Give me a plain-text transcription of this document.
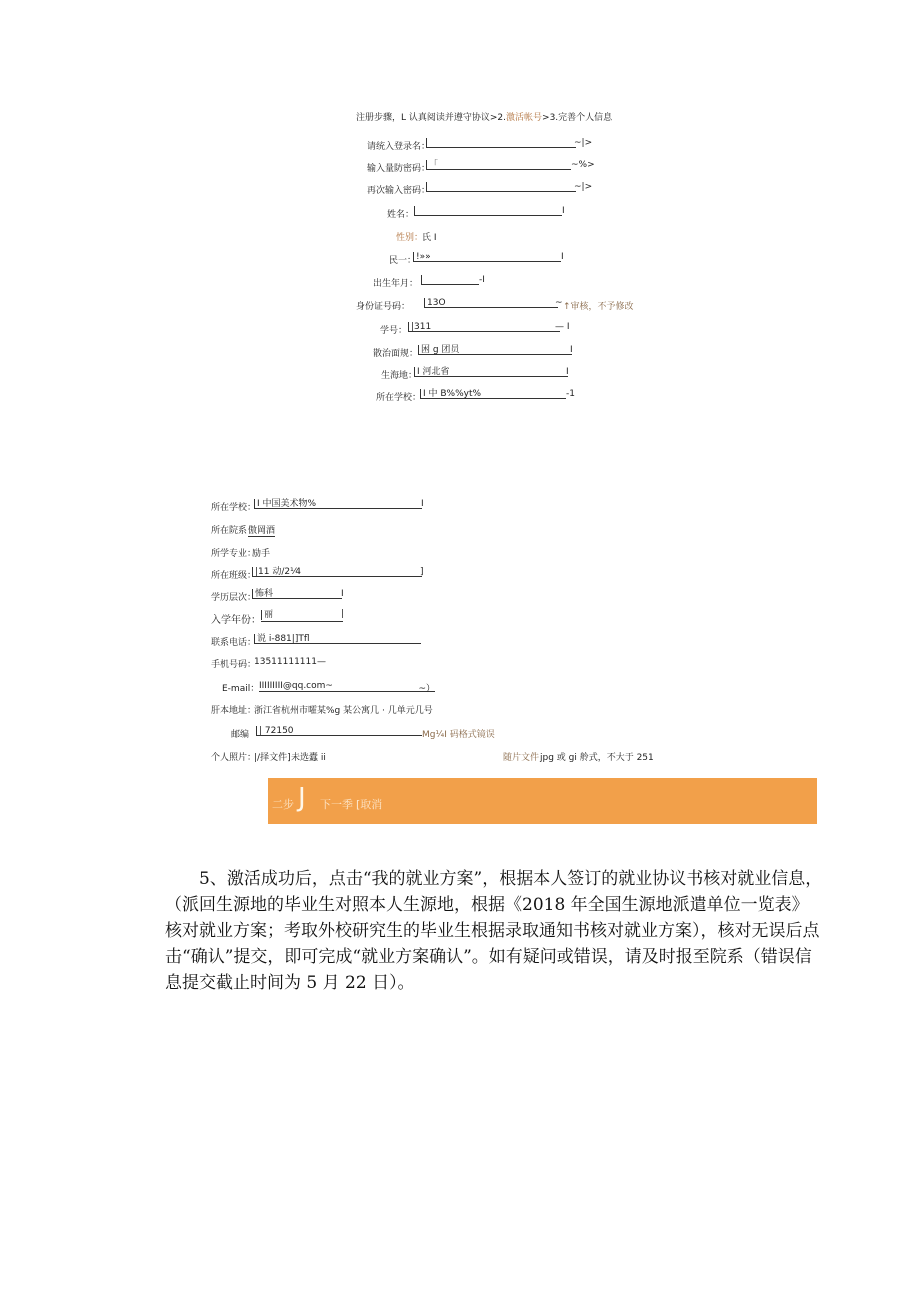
注册步骤，L 认真阅读并遵守协议>2.激活帐号>3.完善个人信息
请统入登录名：	~|>
输入量防密码：
「	~%>
再次输入密码：	~|>
姓名：	I
性别：
氏 I
民一： !»»	I
出生年月：	-I
身份证号码：	13O	~ ↑审核，不予修改
学号： |311	— I
散治面规： 困 g 团员	I
生海地： I 河北省	I
所在学校： I 中 B%%yt%	-1
所在学校： I 中国美术物%	I
所在院系 傲岡酒
所学专业：
励手
所在班级：
|11 动/2⅟4	]
学历层次：
怖科	I
入学年份： 丽	|
联系电话： 说 i-881|]Tfl
手机号码：
13511111111—
E-mail： IIIIIIIII@qq.com~	~）
肝本地址：
浙江省杭州市嚯某%g 某公寓几 · 几单元几号
邮编	| 72150	Mg¼I 码格式镜误
个人照片：
|/择文件] 未选蠹 ii	随片文件 jpg 或 gi 舲式，不大于 251
二步 J 下一季 [取消
5、激活成功后，点击“我的就业方案”，根据本人签订的就业协议书核对就业信息，（派回生源地的毕业生对照本人生源地，根据《2018 年全国生源地派遣单位一览表》核对就业方案；考取外校研究生的毕业生根据录取通知书核对就业方案），核对无误后点击“确认”提交，即可完成“就业方案确认”。如有疑问或错误，请及时报至院系（错误信息提交截止时间为 5 月 22 日）。
